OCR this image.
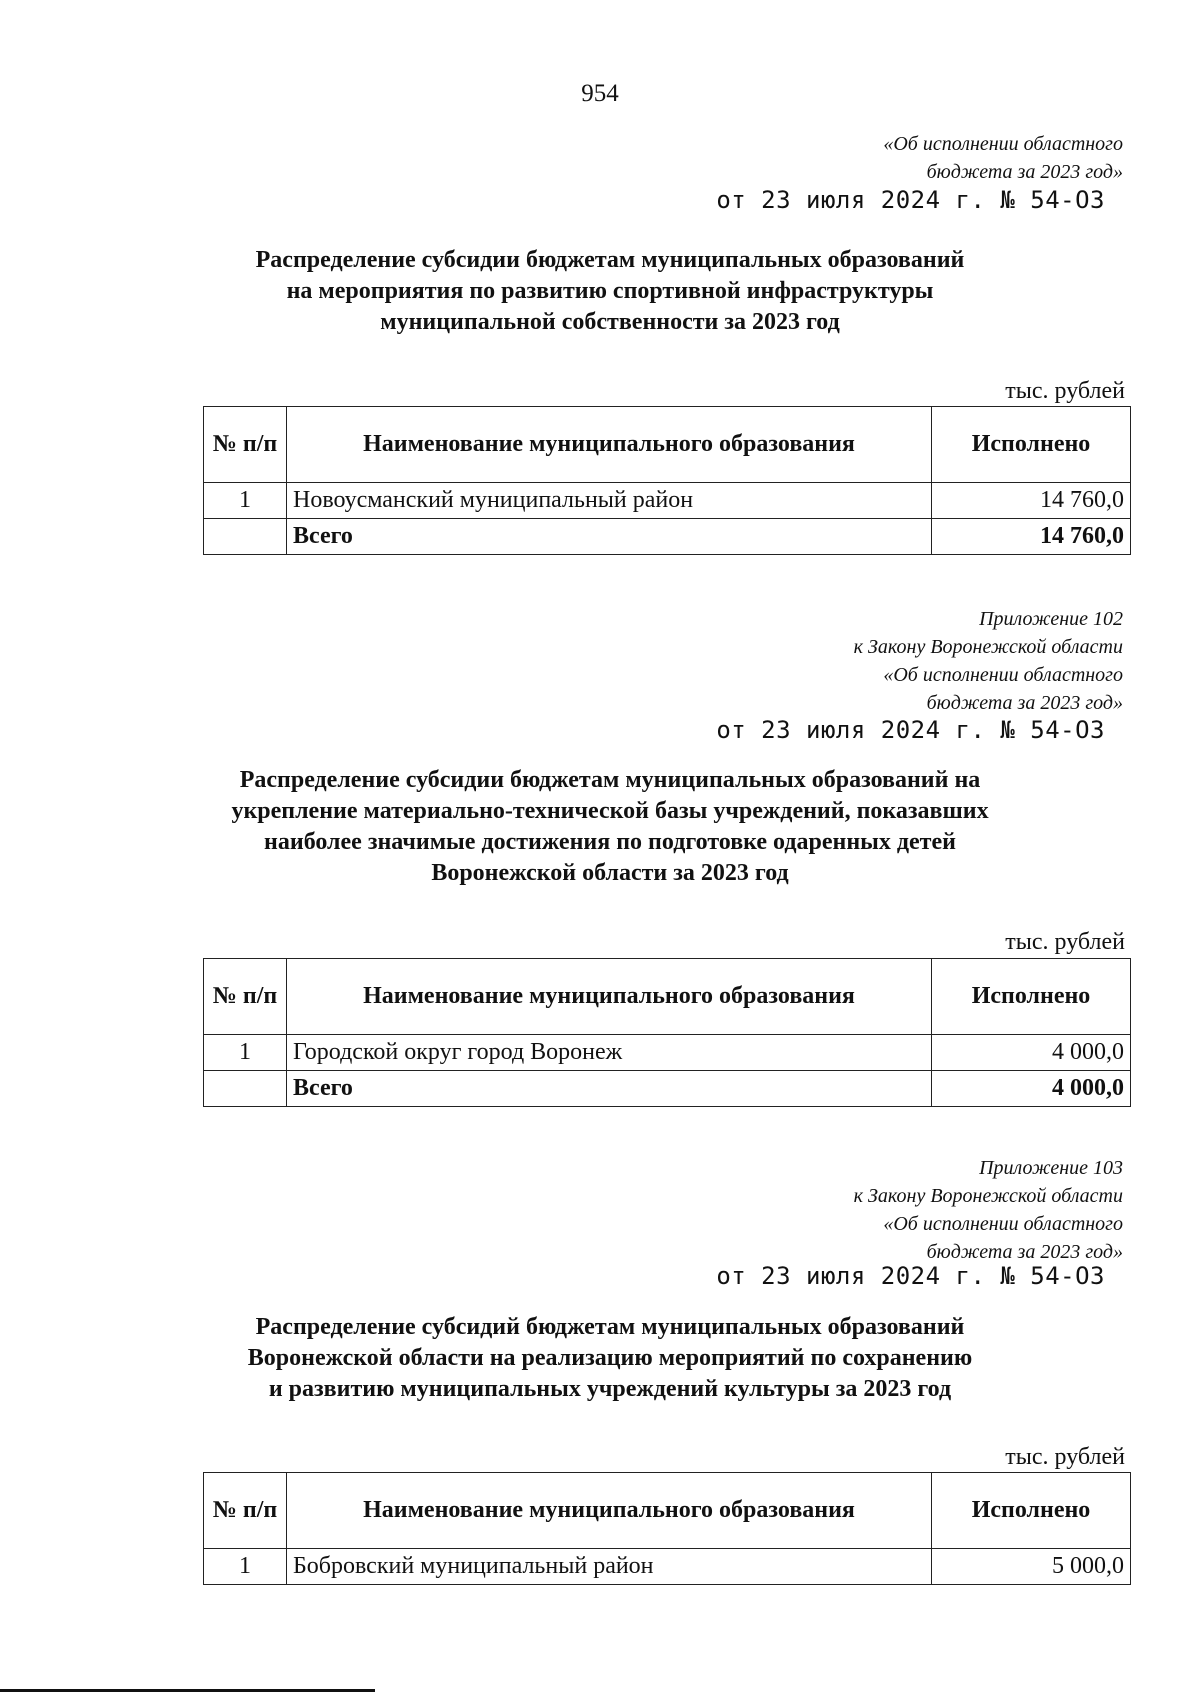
954
«Об исполнении областного
бюджета за 2023 год»
от 23 июля 2024 г. № 54-ОЗ
Распределение субсидии бюджетам муниципальных образований
на мероприятия по развитию спортивной инфраструктуры
муниципальной собственности за 2023 год
тыс. рублей
№ п/п	Наименование муниципального образования	Исполнено
1	Новоусманский муниципальный район	14 760,0
	Всего	14 760,0
Приложение 102
к Закону Воронежской области
«Об исполнении областного
бюджета за 2023 год»
от 23 июля 2024 г. № 54-ОЗ
Распределение субсидии бюджетам муниципальных образований на
укрепление материально-технической базы учреждений, показавших
наиболее значимые достижения по подготовке одаренных детей
Воронежской области за 2023 год
тыс. рублей
№ п/п	Наименование муниципального образования	Исполнено
1	Городской округ город Воронеж	4 000,0
	Всего	4 000,0
Приложение 103
к Закону Воронежской области
«Об исполнении областного
бюджета за 2023 год»
от 23 июля 2024 г. № 54-ОЗ
Распределение субсидий бюджетам муниципальных образований
Воронежской области на реализацию мероприятий по сохранению
и развитию муниципальных учреждений культуры за 2023 год
тыс. рублей
№ п/п	Наименование муниципального образования	Исполнено
1	Бобровский муниципальный район	5 000,0
